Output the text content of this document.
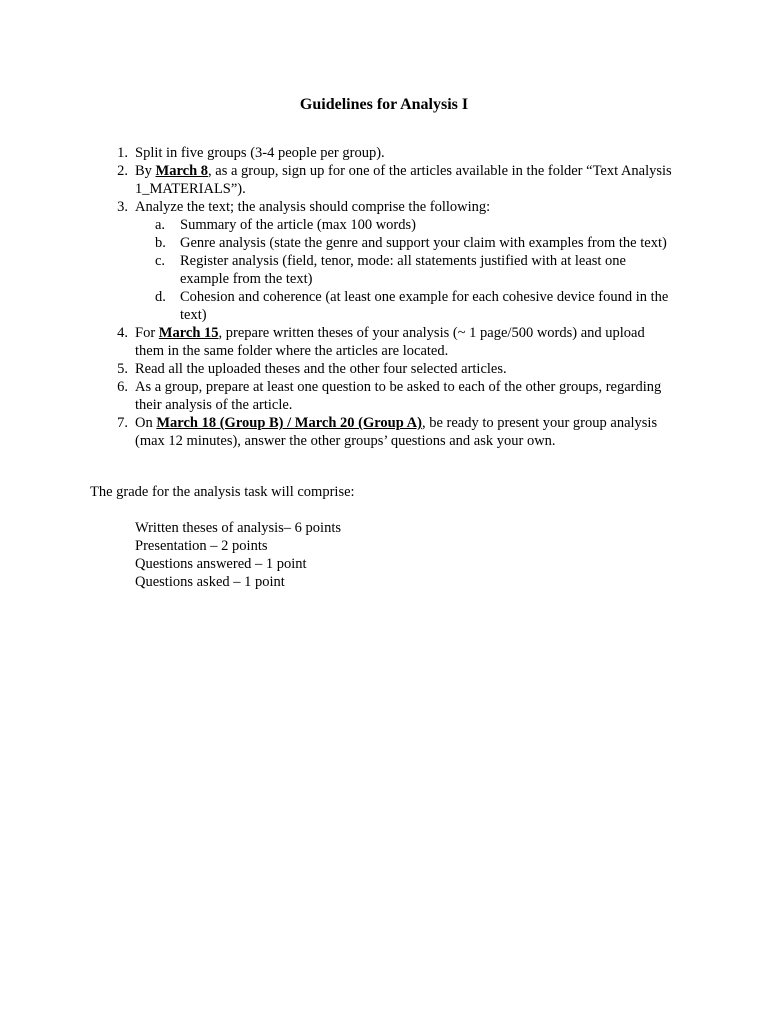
Guidelines for Analysis I
1. Split in five groups (3-4 people per group).
2. By March 8, as a group, sign up for one of the articles available in the folder “Text Analysis 1_MATERIALS”).
3. Analyze the text; the analysis should comprise the following:
a.	Summary of the article (max 100 words)
b. Genre analysis (state the genre and support your claim with examples from the text)
c.	Register analysis (field, tenor, mode: all statements justified with at least one example from the text)
d. Cohesion and coherence (at least one example for each cohesive device found in the text)
4. For March 15, prepare written theses of your analysis (~ 1 page/500 words) and upload them in the same folder where the articles are located.
5. Read all the uploaded theses and the other four selected articles.
6. As a group, prepare at least one question to be asked to each of the other groups, regarding their analysis of the article.
7. On March 18 (Group B) / March 20 (Group A), be ready to present your group analysis (max 12 minutes), answer the other groups’ questions and ask your own.
The grade for the analysis task will comprise:
Written theses of analysis– 6 points
Presentation – 2 points
Questions answered – 1 point
Questions asked – 1 point
